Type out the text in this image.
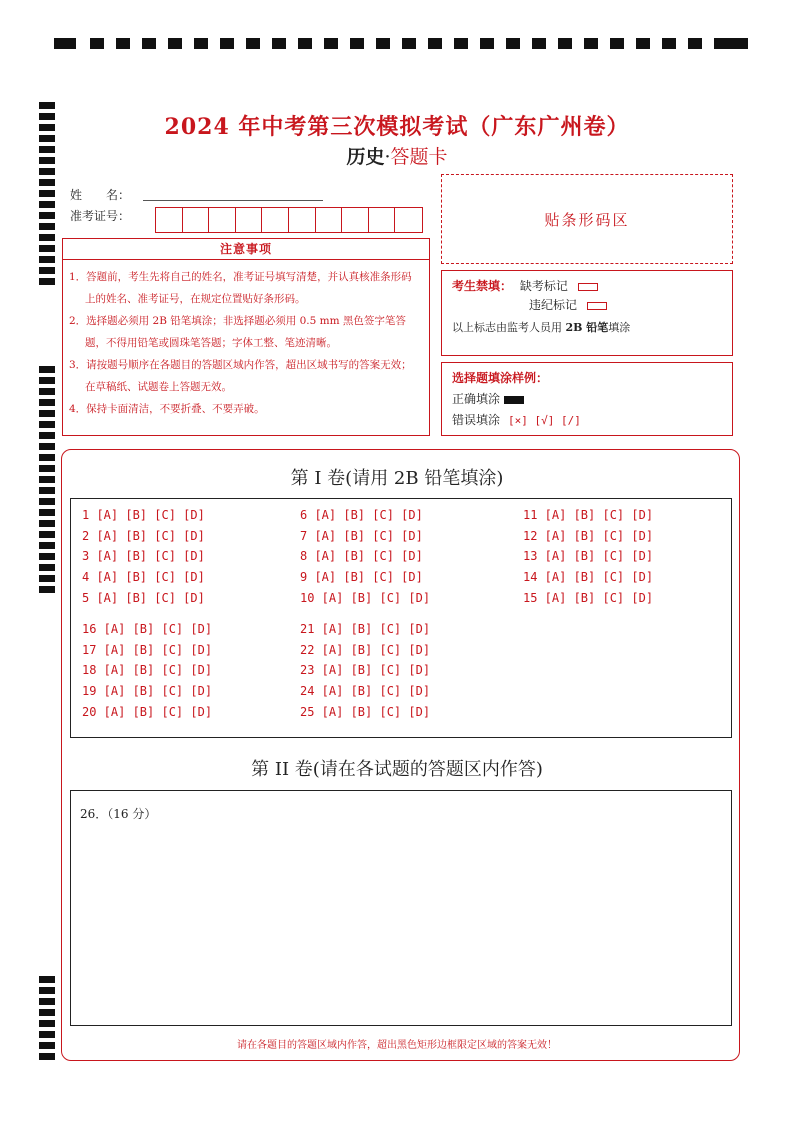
2024 年中考第三次模拟考试（广东广州卷）
历史·答题卡
姓　　名：
准考证号：	贴条形码区
注意事项
1．答题前，考生先将自己的姓名，准考证号填写清楚，并认真核准条形码上的姓名、准考证号，在规定位置贴好条形码。
2．选择题必须用 2B 铅笔填涂；非选择题必须用 0.5 mm 黑色签字笔答题，不得用铅笔或圆珠笔答题；字体工整、笔迹清晰。
3．请按题号顺序在各题目的答题区域内作答，超出区域书写的答案无效；在草稿纸、试题卷上答题无效。
4．保持卡面清洁，不要折叠、不要弄破。
考生禁填： 缺考标记
违纪标记
以上标志由监考人员用 2B 铅笔填涂
选择题填涂样例：
正确填涂
错误填涂 [×] [√] [/]
第 I 卷(请用 2B 铅笔填涂)
1 [A] [B] [C] [D]
2 [A] [B] [C] [D]
3 [A] [B] [C] [D]
4 [A] [B] [C] [D]
5 [A] [B] [C] [D]
6 [A] [B] [C] [D]
7 [A] [B] [C] [D]
8 [A] [B] [C] [D]
9 [A] [B] [C] [D]
10 [A] [B] [C] [D]
11 [A] [B] [C] [D]
12 [A] [B] [C] [D]
13 [A] [B] [C] [D]
14 [A] [B] [C] [D]
15 [A] [B] [C] [D]
16 [A] [B] [C] [D]
17 [A] [B] [C] [D]
18 [A] [B] [C] [D]
19 [A] [B] [C] [D]
20 [A] [B] [C] [D]
21 [A] [B] [C] [D]
22 [A] [B] [C] [D]
23 [A] [B] [C] [D]
24 [A] [B] [C] [D]
25 [A] [B] [C] [D]
第 II 卷(请在各试题的答题区内作答)
26．（16 分）
请在各题目的答题区域内作答，超出黑色矩形边框限定区域的答案无效！
